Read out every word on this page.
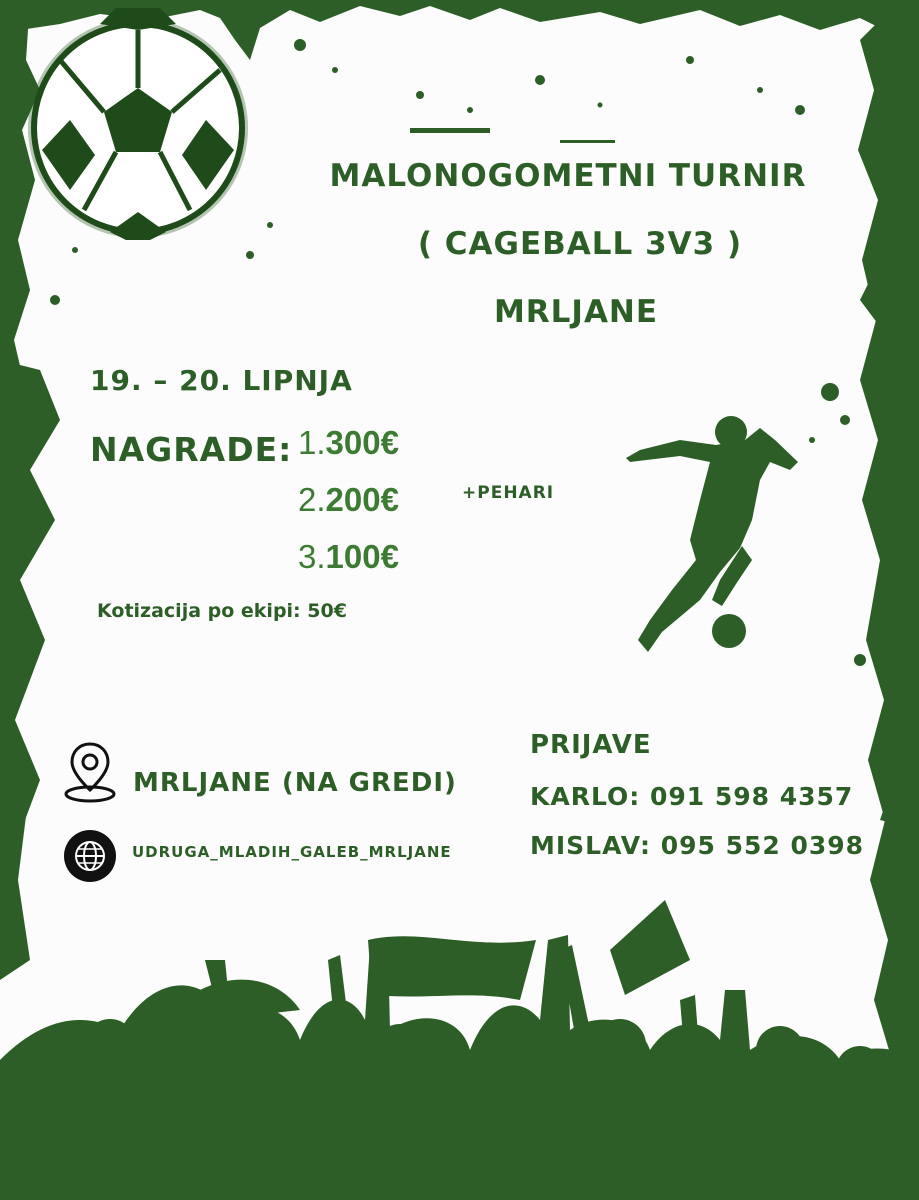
MALONOGOMETNI TURNIR
( CAGEBALL 3V3 )
MRLJANE
19. – 20. LIPNJA
NAGRADE: 1.300€
2.200€
3.100€
+PEHARI
Kotizacija po ekipi: 50€
MRLJANE (NA GREDI)
UDRUGA_MLADIH_GALEB_MRLJANE
PRIJAVE
KARLO: 091 598 4357
MISLAV: 095 552 0398
